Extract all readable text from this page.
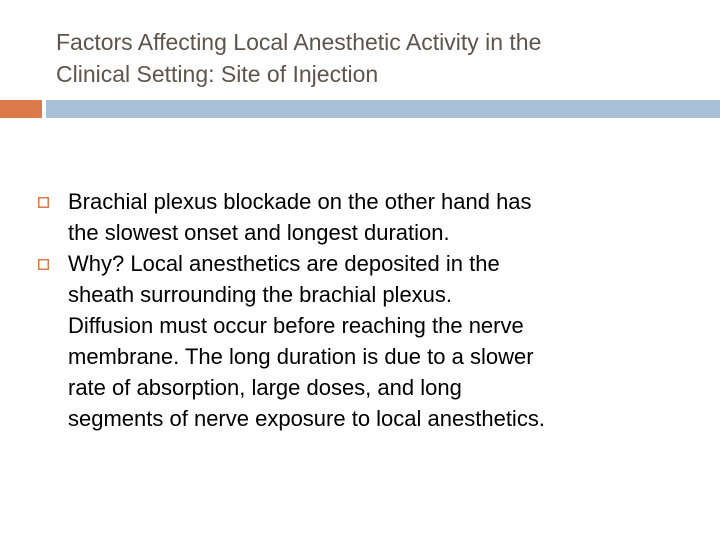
Factors Affecting Local Anesthetic Activity in the
Clinical Setting: Site of Injection
Brachial plexus blockade on the other hand has
the slowest onset and longest duration.
Why? Local anesthetics are deposited in the
sheath surrounding the brachial plexus.
Diffusion must occur before reaching the nerve
membrane. The long duration is due to a slower
rate of absorption, large doses, and long
segments of nerve exposure to local anesthetics.
